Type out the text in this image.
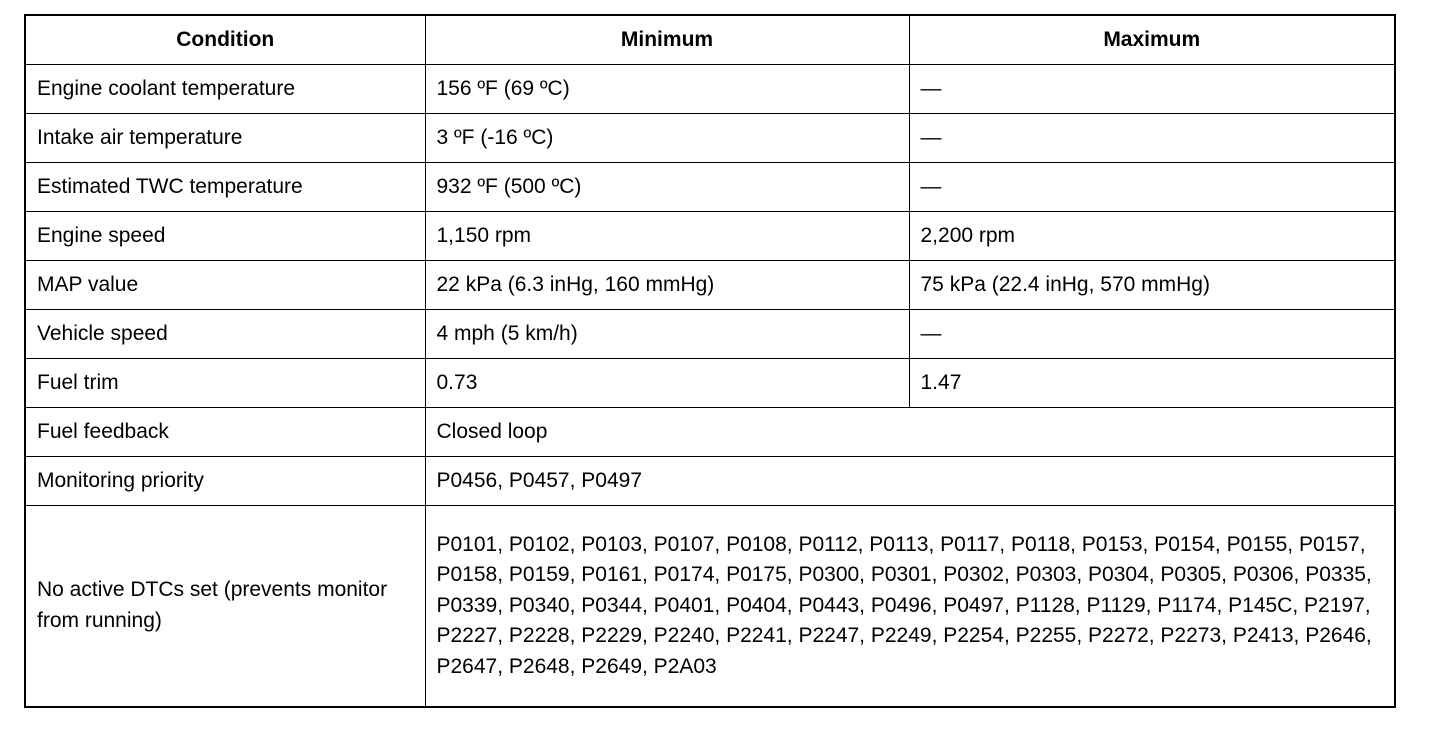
Condition	Minimum	Maximum
Engine coolant temperature	156 ºF (69 ºC)	—
Intake air temperature	3 ºF (-16 ºC)	—
Estimated TWC temperature	932 ºF (500 ºC)	—
Engine speed	1,150 rpm	2,200 rpm
MAP value	22 kPa (6.3 inHg, 160 mmHg)	75 kPa (22.4 inHg, 570 mmHg)
Vehicle speed	4 mph (5 km/h)	—
Fuel trim	0.73	1.47
Fuel feedback	Closed loop	
Monitoring priority	P0456, P0457, P0497	
No active DTCs set (prevents monitor from running)	P0101, P0102, P0103, P0107, P0108, P0112, P0113, P0117, P0118, P0153, P0154, P0155, P0157, P0158, P0159, P0161, P0174, P0175, P0300, P0301, P0302, P0303, P0304, P0305, P0306, P0335, P0339, P0340, P0344, P0401, P0404, P0443, P0496, P0497, P1128, P1129, P1174, P145C, P2197, P2227, P2228, P2229, P2240, P2241, P2247, P2249, P2254, P2255, P2272, P2273, P2413, P2646, P2647, P2648, P2649, P2A03	
